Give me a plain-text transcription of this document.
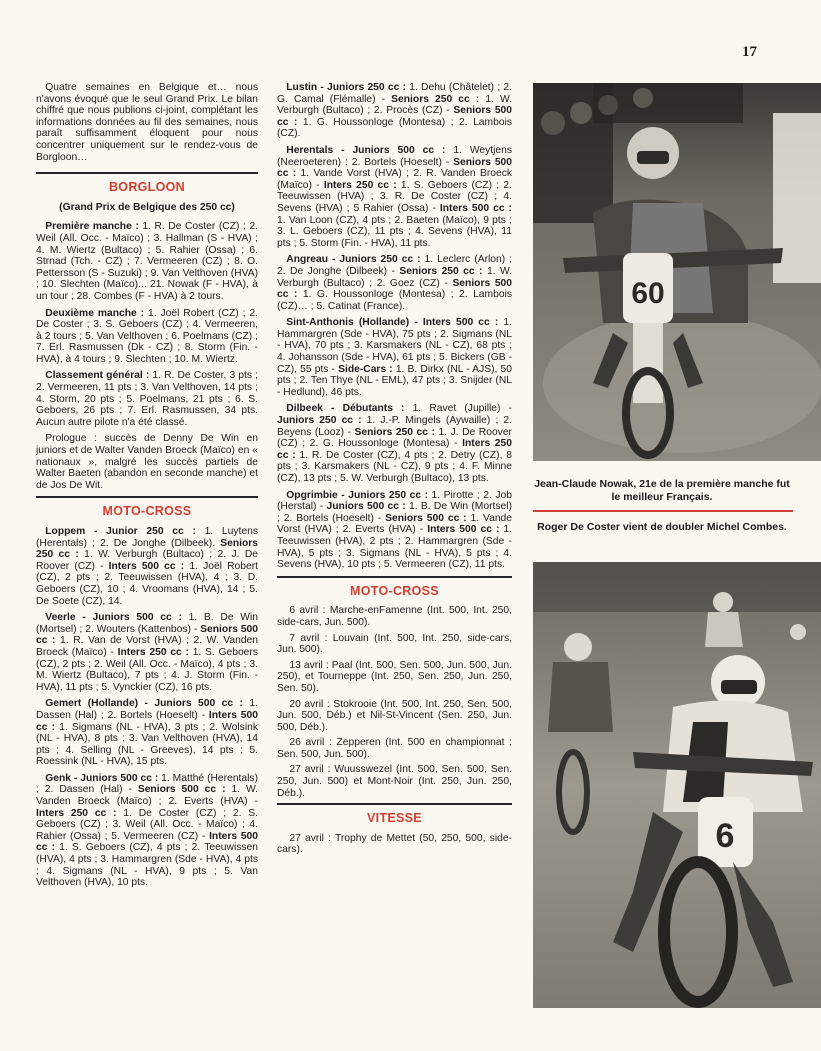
17

Quatre semaines en Belgique et… nous n'avons évoqué que le seul Grand Prix. Le bilan chiffré que nous publions ci-joint, complétant les informations données au fil des semaines, nous paraît suffisamment éloquent pour nous concentrer uniquement sur le rendez-vous de Borgloon…

BORGLOON
(Grand Prix de Belgique des 250 cc)

Première manche : 1. R. De Coster (CZ) ; 2. Weil (All. Occ. - Maïco) ; 3. Hallman (S - HVA) ; 4. M. Wiertz (Bultaco) ; 5. Rahier (Ossa) ; 6. Strnad (Tch. - CZ) ; 7. Vermeeren (CZ) ; 8. O. Pettersson (S - Suzuki) ; 9. Van Velthoven (HVA) ; 10. Slechten (Maïco)... 21. Nowak (F - HVA), à un tour ; 28. Combes (F - HVA) à 2 tours.

Deuxième manche : 1. Joël Robert (CZ) ; 2. De Coster ; 3. S. Geboers (CZ) ; 4. Vermeeren, à 2 tours ; 5. Van Velthoven ; 6. Poelmans (CZ) ; 7. Erl. Rasmussen (Dk - CZ) ; 8. Storm (Fin. - HVA), à 4 tours ; 9. Slechten ; 10. M. Wiertz.

Classement général : 1. R. De Coster, 3 pts ; 2. Vermeeren, 11 pts ; 3. Van Velthoven, 14 pts ; 4. Storm, 20 pts ; 5. Poelmans, 21 pts ; 6. S. Geboers, 26 pts ; 7. Erl. Rasmussen, 34 pts. Aucun autre pilote n'a été classé.

Prologue : succès de Denny De Win en juniors et de Walter Vanden Broeck (Maïco) en « nationaux », malgré les succès partiels de Walter Baeten (abandon en seconde manche) et de Jos De Wit.

MOTO-CROSS

Loppem - Junior 250 cc : 1. Luytens (Herentals) ; 2. De Jonghe (Dilbeek). Seniors 250 cc : 1. W. Verburgh (Bultaco) ; 2. J. De Roover (CZ) - Inters 500 cc : 1. Joël Robert (CZ), 2 pts ; 2. Teeuwissen (HVA), 4 ; 3. D. Geboers (CZ), 10 ; 4. Vroomans (HVA), 14 ; 5. De Soete (CZ), 14.

Veerle - Juniors 500 cc : 1. B. De Win (Mortsel) ; 2. Wouters (Kattenbos) - Seniors 500 cc : 1. R. Van de Vorst (HVA) ; 2. W. Vanden Broeck (Maïco) - Inters 250 cc : 1. S. Geboers (CZ), 2 pts ; 2. Weil (All. Occ. - Maïco), 4 pts ; 3. M. Wiertz (Bultaco), 7 pts ; 4. J. Storm (Fin. - HVA), 11 pts ; 5. Vynckier (CZ), 16 pts.

Gemert (Hollande) - Juniors 500 cc : 1. Dassen (Hal) ; 2. Bortels (Hoeselt) - Inters 500 cc : 1. Sigmans (NL - HVA), 3 pts ; 2. Wolsink (NL - HVA), 8 pts ; 3. Van Velthoven (HVA), 14 pts ; 4. Selling (NL - Greeves), 14 pts ; 5. Roessink (NL - HVA), 15 pts.

Genk - Juniors 500 cc : 1. Matthé (Herentals) ; 2. Dassen (Hal) - Seniors 500 cc : 1. W. Vanden Broeck (Maïco) ; 2. Everts (HVA) - Inters 250 cc : 1. De Coster (CZ) ; 2. S. Geboers (CZ) ; 3. Weil (All. Occ. - Maïco) ; 4. Rahier (Ossa) ; 5. Vermeeren (CZ) - Inters 500 cc : 1. S. Geboers (CZ), 4 pts ; 2. Teeuwissen (HVA), 4 pts ; 3. Hammargren (Sde - HVA), 4 pts ; 4. Sigmans (NL - HVA), 9 pts ; 5. Van Velthoven (HVA), 10 pts.

Lustin - Juniors 250 cc : 1. Dehu (Châtelet) ; 2. G. Camal (Flémalle) - Seniors 250 cc : 1. W. Verburgh (Bultaco) ; 2. Procès (CZ) - Seniors 500 cc : 1. G. Houssonloge (Montesa) ; 2. Lambois (CZ).

Herentals - Juniors 500 cc : 1. Weytjens (Neeroeteren) ; 2. Bortels (Hoeselt) - Seniors 500 cc : 1. Vande Vorst (HVA) ; 2. R. Vanden Broeck (Maïco) - Inters 250 cc : 1. S. Geboers (CZ) ; 2. Teeuwissen (HVA) ; 3. R. De Coster (CZ) ; 4. Sevens (HVA) ; 5 Rahier (Ossa) - Inters 500 cc : 1. Van Loon (CZ), 4 pts ; 2. Baeten (Maïco), 9 pts ; 3. L. Geboers (CZ), 11 pts ; 4. Sevens (HVA), 11 pts ; 5. Storm (Fin. - HVA), 11 pts.

Angreau - Juniors 250 cc : 1. Leclerc (Arlon) ; 2. De Jonghe (Dilbeek) - Seniors 250 cc : 1. W. Verburgh (Bultaco) ; 2. Goez (CZ) - Seniors 500 cc : 1. G. Houssonloge (Montesa) ; 2. Lambois (CZ)… ; 5. Catinat (France).

Sint-Anthonis (Hollande) - Inters 500 cc : 1. Hammargren (Sde - HVA), 75 pts ; 2. Sigmans (NL - HVA), 70 pts ; 3. Karsmakers (NL - CZ), 68 pts ; 4. Johansson (Sde - HVA), 61 pts ; 5. Bickers (GB - CZ), 55 pts - Side-Cars : 1. B. Dirkx (NL - AJS), 50 pts ; 2. Ten Thye (NL - EML), 47 pts ; 3. Snijder (NL - Hedlund), 46 pts.

Dilbeek - Débutants : 1. Ravet (Jupille) - Juniors 250 cc : 1. J.-P. Mingels (Aywaille) ; 2. Beyens (Looz) - Seniors 250 cc : 1. J. De Roover (CZ) ; 2. G. Houssonloge (Montesa) - Inters 250 cc : 1. R. De Coster (CZ), 4 pts ; 2. Detry (CZ), 8 pts ; 3. Karsmakers (NL - CZ), 9 pts ; 4. F. Minne (CZ), 13 pts ; 5. W. Verburgh (Bultaco), 13 pts.

Opgrimbie - Juniors 250 cc : 1. Pirotte ; 2. Job (Herstal) - Juniors 500 cc : 1. B. De Win (Mortsel) ; 2. Bortels (Hoeselt) - Seniors 500 cc : 1. Vande Vorst (HVA) ; 2. Everts (HVA) - Inters 500 cc : 1. Teeuwissen (HVA), 2 pts ; 2. Hammargren (Sde - HVA), 5 pts ; 3. Sigmans (NL - HVA), 5 pts ; 4. Sevens (HVA), 10 pts ; 5. Vermeeren (CZ), 11 pts.

MOTO-CROSS

6 avril : Marche-enFamenne (Int. 500, Int. 250, side-cars, Jun. 500).

7 avril : Louvain (Int. 500, Int. 250, side-cars, Jun. 500).

13 avril : Paal (Int. 500, Sen. 500, Jun. 500, Jun. 250), et Tourneppe (Int. 250, Sen. 250, Jun. 250, Sen. 50).

20 avril : Stokrooie (Int. 500, Int. 250, Sen. 500, Jun. 500, Déb.) et Nil-St-Vincent (Sen. 250, Jun. 500, Déb.).

26 avril : Zepperen (Int. 500 en championnat ; Sen. 500, Jun. 500).

27 avril : Wuusswezel (Int. 500, Sen. 500, Sen. 250, Jun. 500) et Mont-Noir (Int. 250, Jun. 250, Déb.).

VITESSE

27 avril : Trophy de Mettet (50, 250, 500, side-cars).

60
Jean-Claude Nowak, 21e de la première manche fut le meilleur Français.
Roger De Coster vient de doubler Michel Combes.
6
